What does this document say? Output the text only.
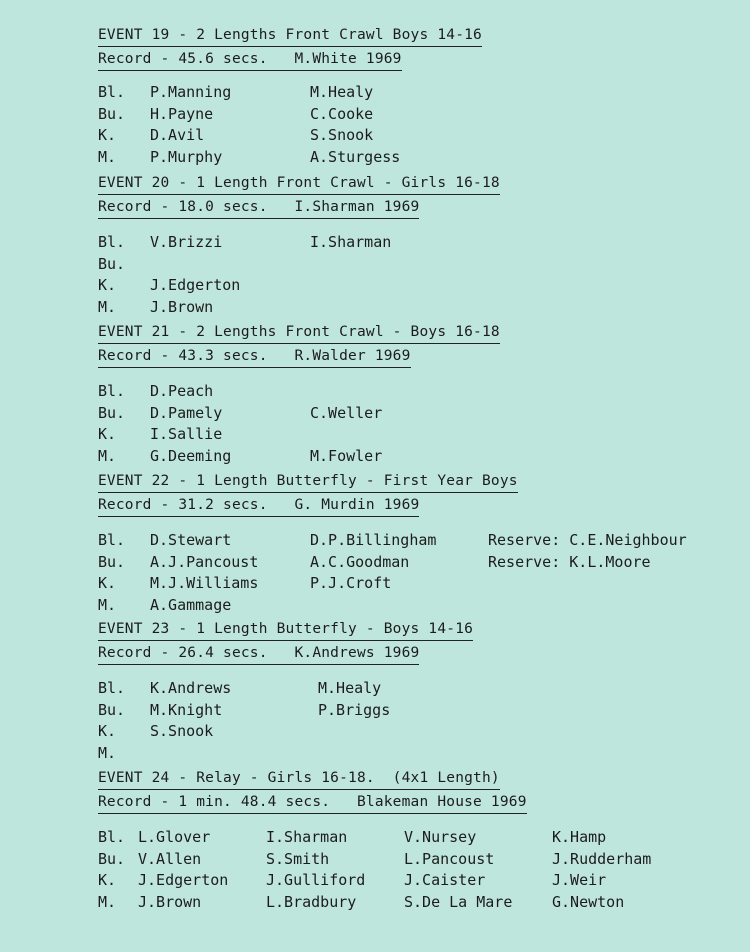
EVENT 19 - 2 Lengths Front Crawl Boys 14-16
Record - 45.6 secs.   M.White 1969
Bl.	P.Manning	M.Healy
Bu.	H.Payne	C.Cooke
K.	D.Avil	S.Snook
M.	P.Murphy	A.Sturgess
EVENT 20 - 1 Length Front Crawl - Girls 16-18
Record - 18.0 secs.   I.Sharman 1969
Bl.	V.Brizzi	I.Sharman
Bu.
K.	J.Edgerton
M.	J.Brown
EVENT 21 - 2 Lengths Front Crawl - Boys 16-18
Record - 43.3 secs.   R.Walder 1969
Bl.	D.Peach
Bu.	D.Pamely	C.Weller
K.	I.Sallie
M.	G.Deeming	M.Fowler
EVENT 22 - 1 Length Butterfly - First Year Boys
Record - 31.2 secs.   G. Murdin 1969
Bl.	D.Stewart	D.P.Billingham	Reserve: C.E.Neighbour
Bu.	A.J.Pancoust	A.C.Goodman	Reserve: K.L.Moore
K.	M.J.Williams	P.J.Croft
M.	A.Gammage
EVENT 23 - 1 Length Butterfly - Boys 14-16
Record - 26.4 secs.   K.Andrews 1969
Bl.	K.Andrews	M.Healy
Bu.	M.Knight	P.Briggs
K.	S.Snook
M.
EVENT 24 - Relay - Girls 16-18.  (4x1 Length)
Record - 1 min. 48.4 secs.   Blakeman House 1969
Bl. L.Glover	I.Sharman	V.Nursey	K.Hamp
Bu. V.Allen	S.Smith	L.Pancoust	J.Rudderham
K.	J.Edgerton	J.Gulliford	J.Caister	J.Weir
M.	J.Brown	L.Bradbury	S.De La Mare	G.Newton
